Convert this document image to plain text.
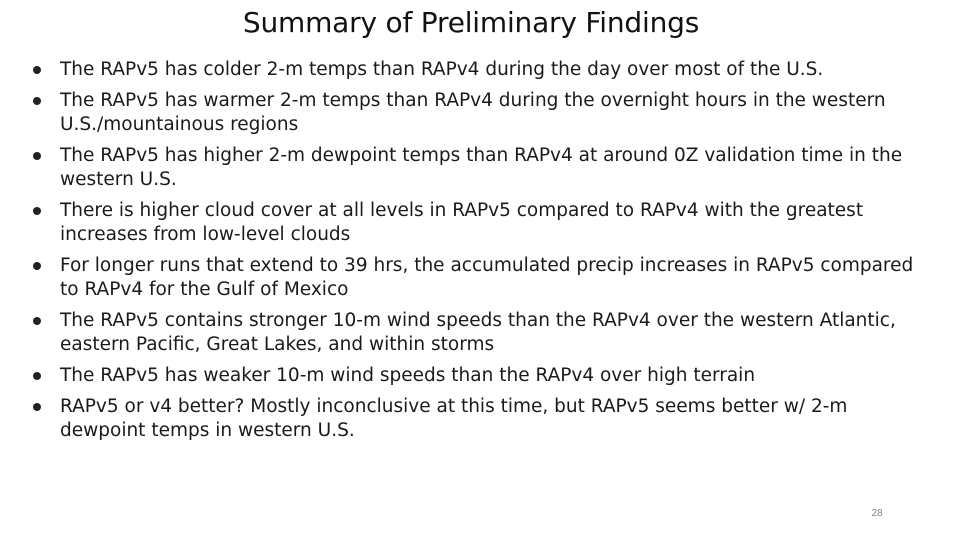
Summary of Preliminary Findings
The RAPv5 has colder 2-m temps than RAPv4 during the day over most of the U.S.
The RAPv5 has warmer 2-m temps than RAPv4 during the overnight hours in the western U.S./mountainous regions
The RAPv5 has higher 2-m dewpoint temps than RAPv4 at around 0Z validation time in the western U.S.
There is higher cloud cover at all levels in RAPv5 compared to RAPv4 with the greatest increases from low-level clouds
For longer runs that extend to 39 hrs, the accumulated precip increases in RAPv5 compared to RAPv4 for the Gulf of Mexico
The RAPv5 contains stronger 10-m wind speeds than the RAPv4 over the western Atlantic, eastern Pacific, Great Lakes, and within storms
The RAPv5 has weaker 10-m wind speeds than the RAPv4 over high terrain
RAPv5 or v4 better? Mostly inconclusive at this time, but RAPv5 seems better w/ 2-m dewpoint temps in western U.S.
28
